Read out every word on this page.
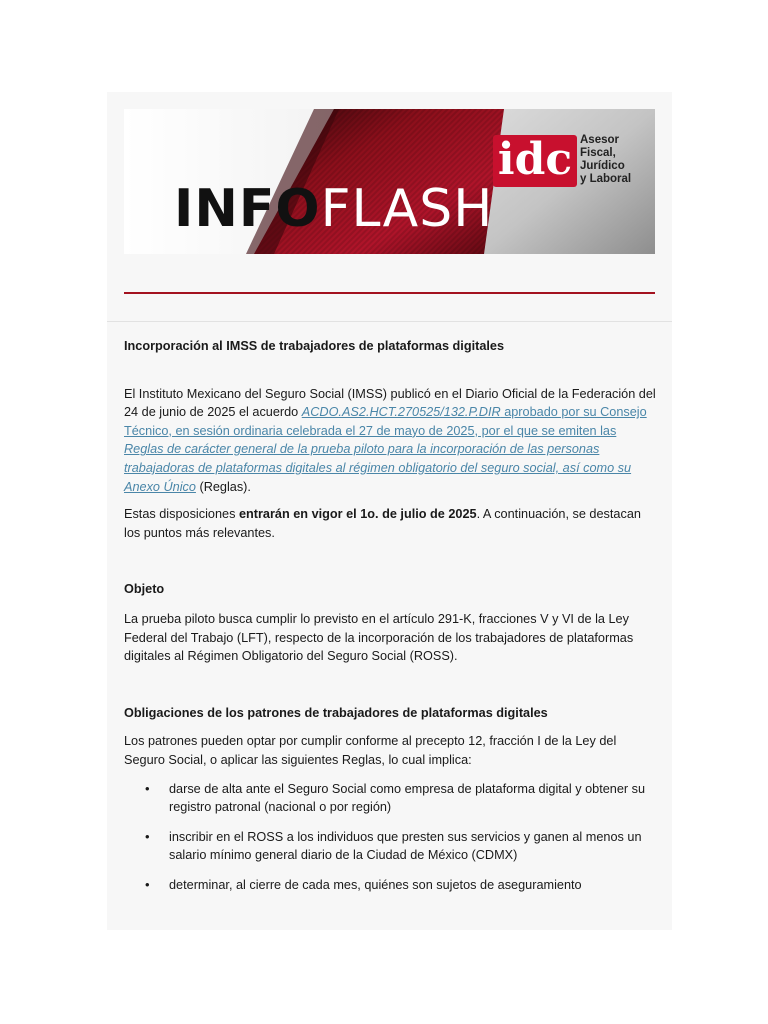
INFOFLASH
idc Asesor
Fiscal,
Jurídico
y Laboral

Incorporación al IMSS de trabajadores de plataformas digitales

El Instituto Mexicano del Seguro Social (IMSS) publicó en el Diario Oficial de la Federación del 24 de junio de 2025 el acuerdo ACDO.AS2.HCT.270525/132.P.DIR aprobado por su Consejo Técnico, en sesión ordinaria celebrada el 27 de mayo de 2025, por el que se emiten las Reglas de carácter general de la prueba piloto para la incorporación de las personas trabajadoras de plataformas digitales al régimen obligatorio del seguro social, así como su Anexo Único (Reglas).

Estas disposiciones entrarán en vigor el 1o. de julio de 2025. A continuación, se destacan los puntos más relevantes.

Objeto

La prueba piloto busca cumplir lo previsto en el artículo 291-K, fracciones V y VI de la Ley Federal del Trabajo (LFT), respecto de la incorporación de los trabajadores de plataformas digitales al Régimen Obligatorio del Seguro Social (ROSS).

Obligaciones de los patrones de trabajadores de plataformas digitales

Los patrones pueden optar por cumplir conforme al precepto 12, fracción I de la Ley del Seguro Social, o aplicar las siguientes Reglas, lo cual implica:

• darse de alta ante el Seguro Social como empresa de plataforma digital y obtener su registro patronal (nacional o por región)
• inscribir en el ROSS a los individuos que presten sus servicios y ganen al menos un salario mínimo general diario de la Ciudad de México (CDMX)
• determinar, al cierre de cada mes, quiénes son sujetos de aseguramiento
